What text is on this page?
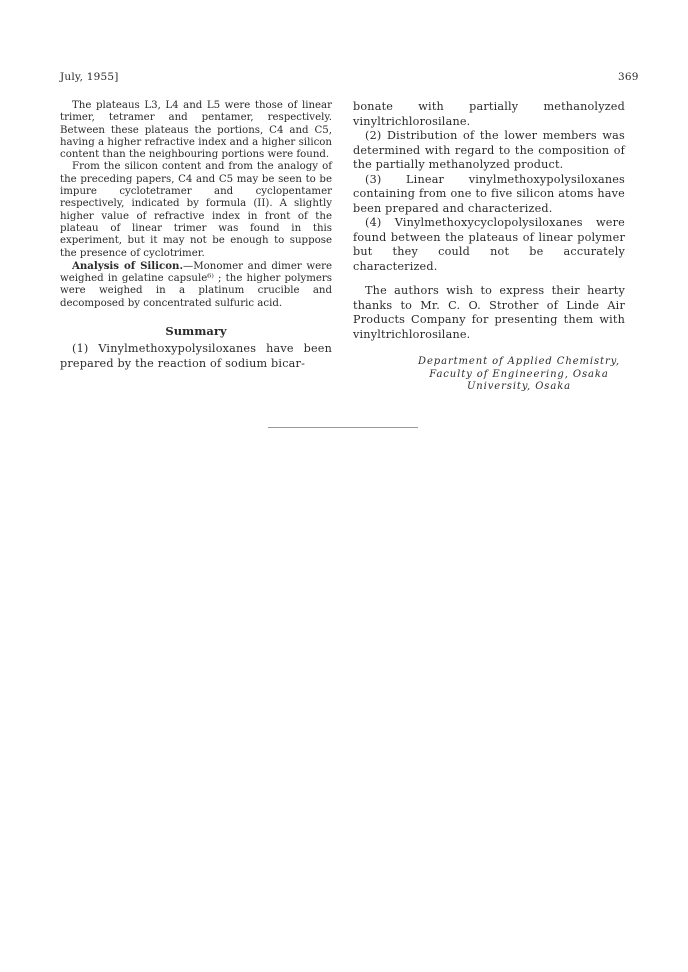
July, 1955]	369

The plateaus L3, L4 and L5 were those of linear trimer, tetramer and pentamer, respectively. Between these plateaus the portions, C4 and C5, having a higher refractive index and a higher silicon content than the neighbouring portions were found.

From the silicon content and from the analogy of the preceding papers, C4 and C5 may be seen to be impure cyclotetramer and cyclopentamer respectively, indicated by formula (II). A slightly higher value of refractive index in front of the plateau of linear trimer was found in this experiment, but it may not be enough to suppose the presence of cyclotrimer.

Analysis of Silicon.—Monomer and dimer were weighed in gelatine capsule⁶⁾ ; the higher polymers were weighed in a platinum crucible and decomposed by concentrated sulfuric acid.

Summary

(1) Vinylmethoxypolysiloxanes have been prepared by the reaction of sodium bicar-

bonate with partially methanolyzed vinyltrichlorosilane.

(2) Distribution of the lower members was determined with regard to the composition of the partially methanolyzed product.

(3) Linear vinylmethoxypolysiloxanes containing from one to five silicon atoms have been prepared and characterized.

(4) Vinylmethoxycyclopolysiloxanes were found between the plateaus of linear polymer but they could not be accurately characterized.

The authors wish to express their hearty thanks to Mr. C. O. Strother of Linde Air Products Company for presenting them with vinyltrichlorosilane.

Department of Applied Chemistry,
Faculty of Engineering, Osaka
University, Osaka
